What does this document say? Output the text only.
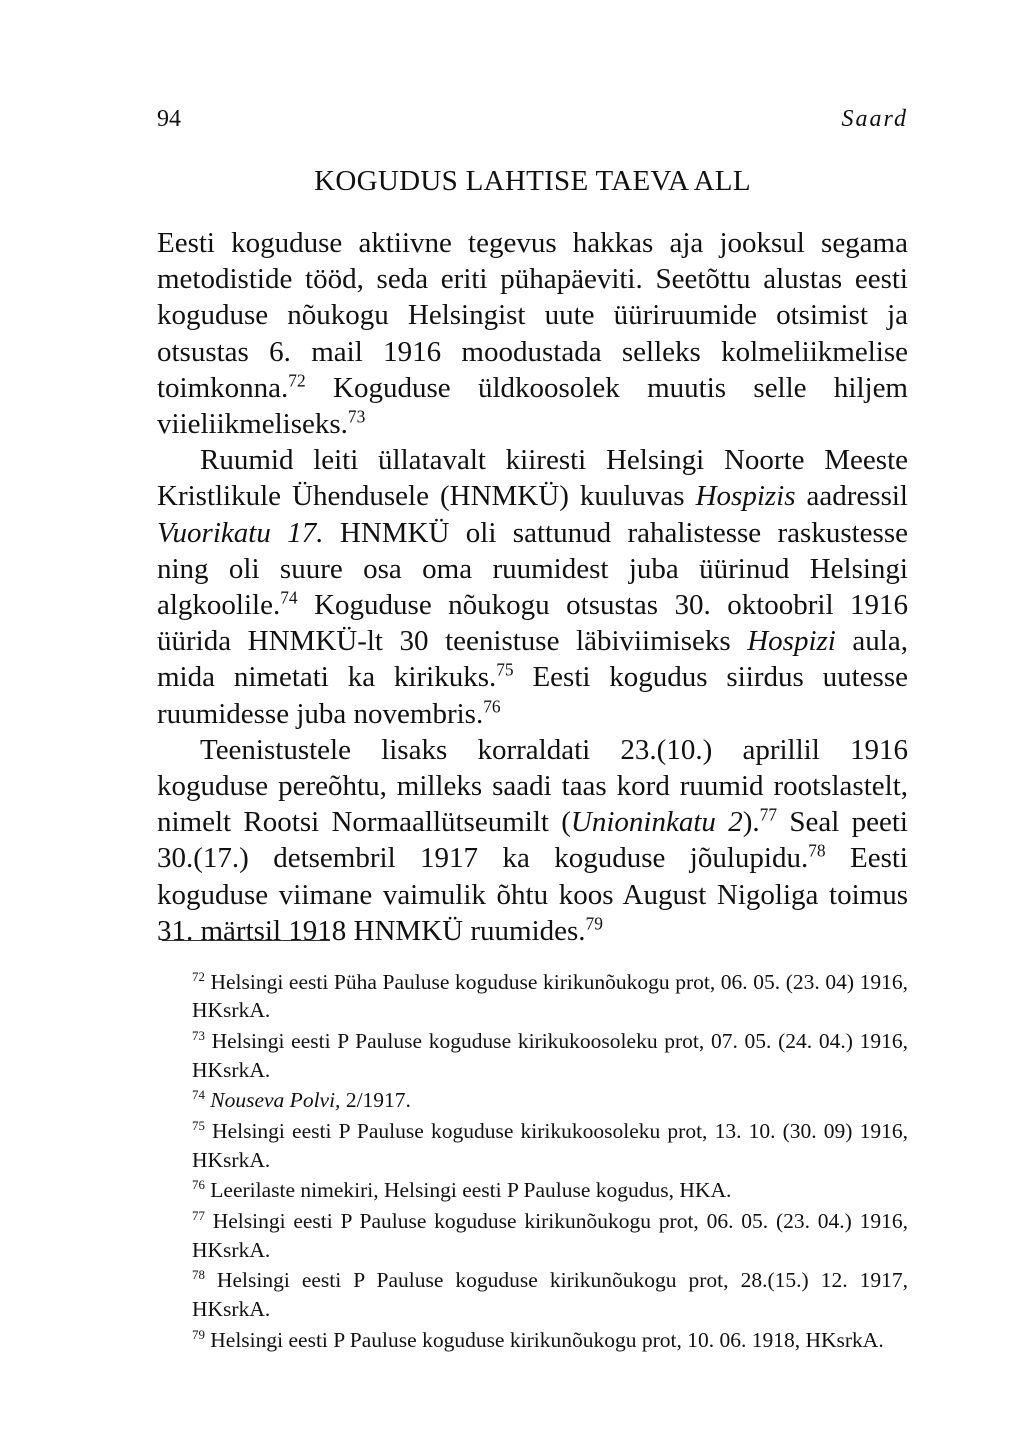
94	Saard
KOGUDUS LAHTISE TAEVA ALL

Eesti koguduse aktiivne tegevus hakkas aja jooksul segama metodistide tööd, seda eriti pühapäeviti. Seetõttu alustas eesti koguduse nõukogu Helsingist uute üüriruumide otsimist ja otsustas 6. mail 1916 moodustada selleks kolmeliikmelise toimkonna.$^{72}$ Koguduse üldkoosolek muutis selle hiljem viieliikmeliseks.$^{73}$

Ruumid leiti üllatavalt kiiresti Helsingi Noorte Meeste Kristlikule Ühendusele (HNMKÜ) kuuluvas Hospizis aadressil Vuorikatu 17. HNMKÜ oli sattunud rahalistesse raskustesse ning oli suure osa oma ruumidest juba üürinud Helsingi algkoolile.$^{74}$ Koguduse nõukogu otsustas 30. oktoobril 1916 üürida HNMKÜ-lt 30 teenistuse läbiviimiseks Hospizi aula, mida nimetati ka kirikuks.$^{75}$ Eesti kogudus siirdus uutesse ruumidesse juba novembris.$^{76}$

Teenistustele lisaks korraldati 23.(10.) aprillil 1916 koguduse pereõhtu, milleks saadi taas kord ruumid rootslastelt, nimelt Rootsi Normaallütseumilt (Unioninkatu 2).$^{77}$ Seal peeti 30.(17.) detsembril 1917 ka koguduse jõulupidu.$^{78}$ Eesti koguduse viimane vaimulik õhtu koos August Nigoliga toimus 31. märtsil 1918 HNMKÜ ruumides.$^{79}$

$^{72}$ Helsingi eesti Püha Pauluse koguduse kirikunõukogu prot, 06. 05. (23. 04) 1916, HKsrkA.

$^{73}$ Helsingi eesti P Pauluse koguduse kirikukoosoleku prot, 07. 05. (24. 04.) 1916, HKsrkA.

$^{74}$ Nouseva Polvi, 2/1917.

$^{75}$ Helsingi eesti P Pauluse koguduse kirikukoosoleku prot, 13. 10. (30. 09) 1916, HKsrkA.

$^{76}$ Leerilaste nimekiri, Helsingi eesti P Pauluse kogudus, HKA.

$^{77}$ Helsingi eesti P Pauluse koguduse kirikunõukogu prot, 06. 05. (23. 04.) 1916, HKsrkA.

$^{78}$ Helsingi eesti P Pauluse koguduse kirikunõukogu prot, 28.(15.) 12. 1917, HKsrkA.

$^{79}$ Helsingi eesti P Pauluse koguduse kirikunõukogu prot, 10. 06. 1918, HKsrkA.
